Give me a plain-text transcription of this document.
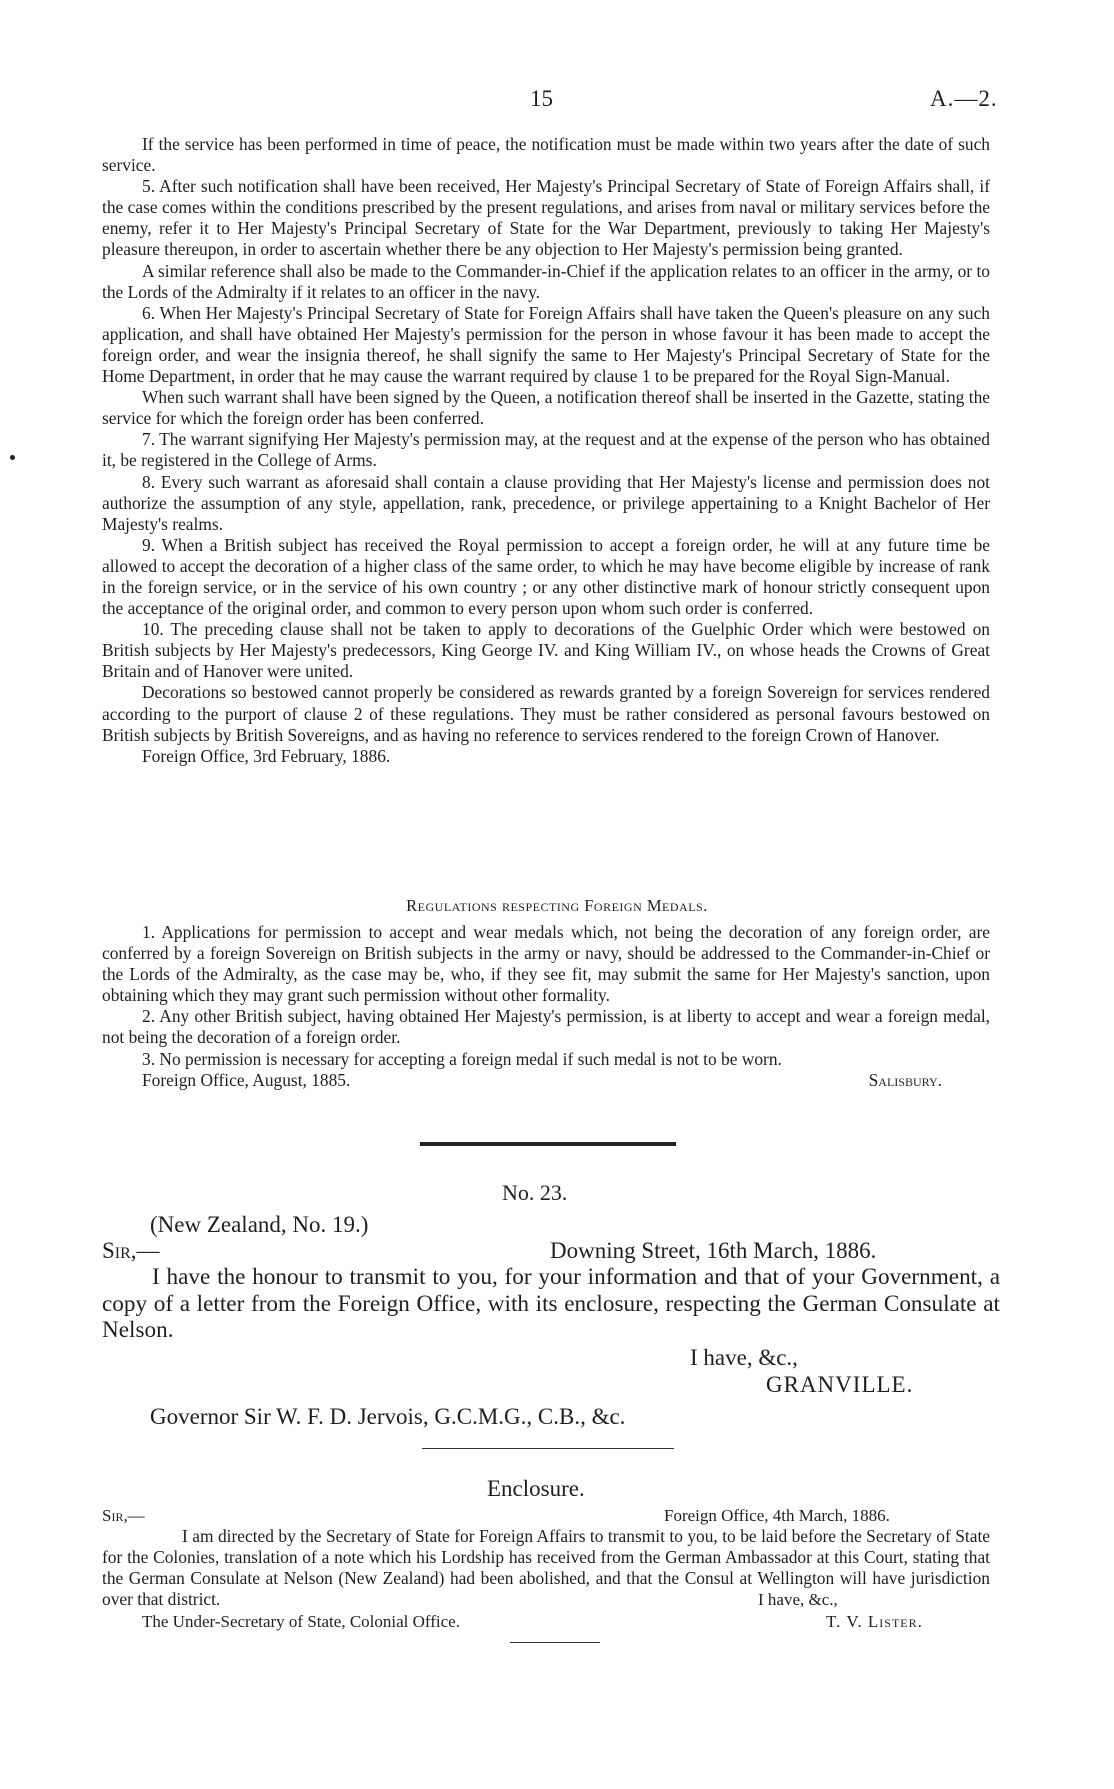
15	A.—2.

If the service has been performed in time of peace, the notification must be made within two years after the date of such service.

5. After such notification shall have been received, Her Majesty's Principal Secretary of State of Foreign Affairs shall, if the case comes within the conditions prescribed by the present regulations, and arises from naval or military services before the enemy, refer it to Her Majesty's Principal Secretary of State for the War Department, previously to taking Her Majesty's pleasure thereupon, in order to ascertain whether there be any objection to Her Majesty's permission being granted.

A similar reference shall also be made to the Commander-in-Chief if the application relates to an officer in the army, or to the Lords of the Admiralty if it relates to an officer in the navy.

6. When Her Majesty's Principal Secretary of State for Foreign Affairs shall have taken the Queen's pleasure on any such application, and shall have obtained Her Majesty's permission for the person in whose favour it has been made to accept the foreign order, and wear the insignia thereof, he shall signify the same to Her Majesty's Principal Secretary of State for the Home Department, in order that he may cause the warrant required by clause 1 to be prepared for the Royal Sign-Manual.

When such warrant shall have been signed by the Queen, a notification thereof shall be inserted in the Gazette, stating the service for which the foreign order has been conferred.

7. The warrant signifying Her Majesty's permission may, at the request and at the expense of the person who has obtained it, be registered in the College of Arms.

8. Every such warrant as aforesaid shall contain a clause providing that Her Majesty's license and permission does not authorize the assumption of any style, appellation, rank, precedence, or privilege appertaining to a Knight Bachelor of Her Majesty's realms.

9. When a British subject has received the Royal permission to accept a foreign order, he will at any future time be allowed to accept the decoration of a higher class of the same order, to which he may have become eligible by increase of rank in the foreign service, or in the service of his own country ; or any other distinctive mark of honour strictly consequent upon the acceptance of the original order, and common to every person upon whom such order is conferred.

10. The preceding clause shall not be taken to apply to decorations of the Guelphic Order which were bestowed on British subjects by Her Majesty's predecessors, King George IV. and King William IV., on whose heads the Crowns of Great Britain and of Hanover were united.

Decorations so bestowed cannot properly be considered as rewards granted by a foreign Sovereign for services rendered according to the purport of clause 2 of these regulations. They must be rather considered as personal favours bestowed on British subjects by British Sovereigns, and as having no reference to services rendered to the foreign Crown of Hanover.

Foreign Office, 3rd February, 1886.

Regulations respecting Foreign Medals.

1. Applications for permission to accept and wear medals which, not being the decoration of any foreign order, are conferred by a foreign Sovereign on British subjects in the army or navy, should be addressed to the Commander-in-Chief or the Lords of the Admiralty, as the case may be, who, if they see fit, may submit the same for Her Majesty's sanction, upon obtaining which they may grant such permission without other formality.

2. Any other British subject, having obtained Her Majesty's permission, is at liberty to accept and wear a foreign medal, not being the decoration of a foreign order.

3. No permission is necessary for accepting a foreign medal if such medal is not to be worn.

Foreign Office, August, 1885.	Salisbury.

No. 23.
(New Zealand, No. 19.)
Sir,—	Downing Street, 16th March, 1886.

I have the honour to transmit to you, for your information and that of your Government, a copy of a letter from the Foreign Office, with its enclosure, respecting the German Consulate at Nelson.

I have, &c.,
GRANVILLE.
Governor Sir W. F. D. Jervois, G.C.M.G., C.B., &c.
Enclosure.
Sir,—	Foreign Office, 4th March, 1886.

I am directed by the Secretary of State for Foreign Affairs to transmit to you, to be laid before the Secretary of State for the Colonies, translation of a note which his Lordship has received from the German Ambassador at this Court, stating that the German Consulate at Nelson (New Zealand) had been abolished, and that the Consul at Wellington will have jurisdiction over that district.	I have, &c.,
The Under-Secretary of State, Colonial Office.	T. V. Lister.
